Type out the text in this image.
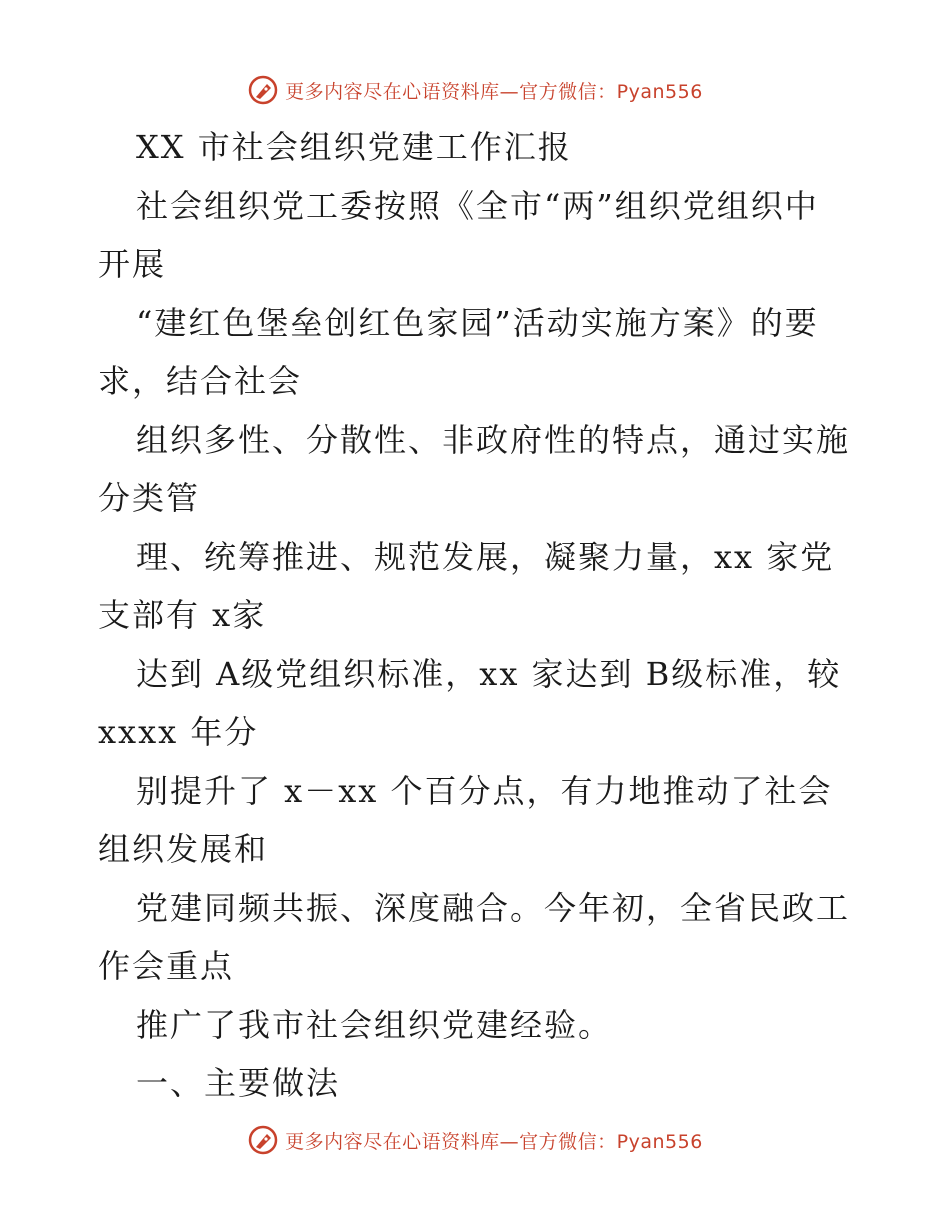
更多内容尽在心语资料库—官方微信：Pyan556
XX 市社会组织党建工作汇报
社会组织党工委按照《全市“两”组织党组织中
开展
“建红色堡垒创红色家园”活动实施方案》的要
求，结合社会
组织多性、分散性、非政府性的特点，通过实施
分类管
理、统筹推进、规范发展，凝聚力量，xx 家党
支部有 x家
达到 A级党组织标准，xx 家达到 B级标准，较
xxxx 年分
别提升了 x－xx 个百分点，有力地推动了社会
组织发展和
党建同频共振、深度融合。今年初，全省民政工
作会重点
推广了我市社会组织党建经验。
一、主要做法
更多内容尽在心语资料库—官方微信：Pyan556
